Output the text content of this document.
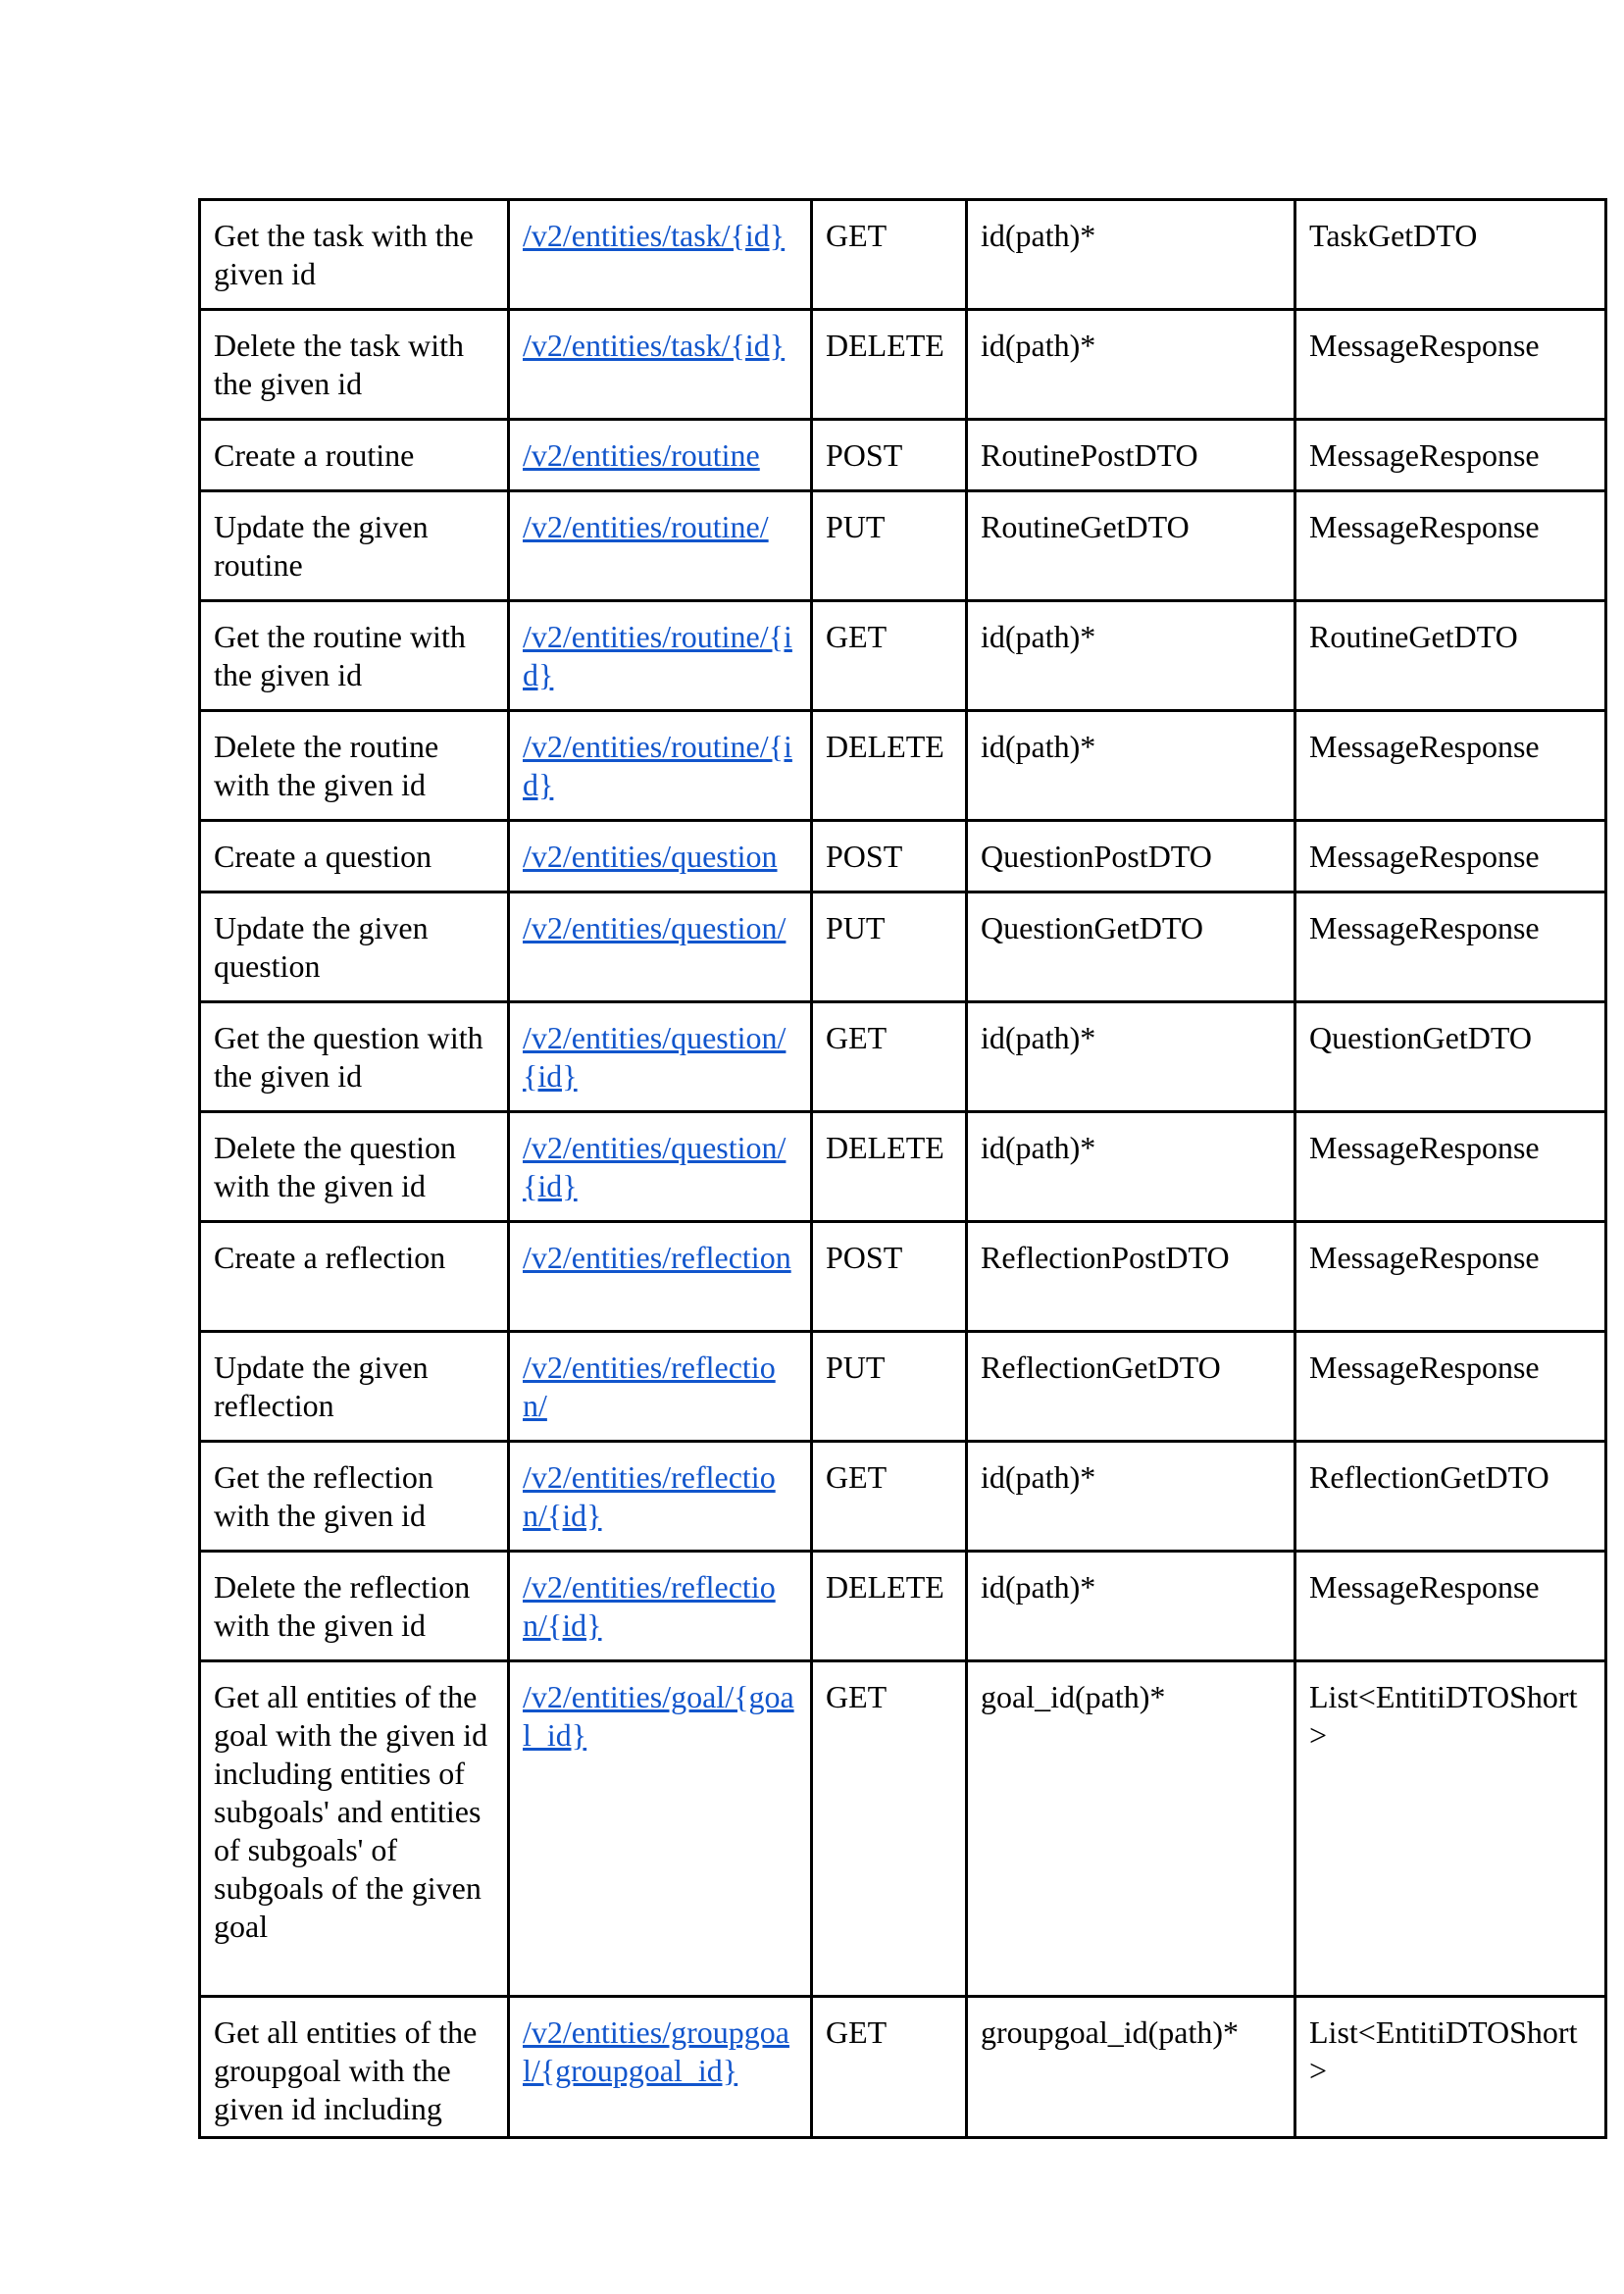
Get the task with the given id	/v2/entities/task/{id}	GET	id(path)*	TaskGetDTO
Delete the task with the given id	/v2/entities/task/{id}	DELETE	id(path)*	MessageResponse
Create a routine	/v2/entities/routine	POST	RoutinePostDTO	MessageResponse
Update the given routine	/v2/entities/routine/	PUT	RoutineGetDTO	MessageResponse
Get the routine with the given id	/v2/entities/routine/{id}	GET	id(path)*	RoutineGetDTO
Delete the routine with the given id	/v2/entities/routine/{id}	DELETE	id(path)*	MessageResponse
Create a question	/v2/entities/question	POST	QuestionPostDTO	MessageResponse
Update the given question	/v2/entities/question/	PUT	QuestionGetDTO	MessageResponse
Get the question with the given id	/v2/entities/question/{id}	GET	id(path)*	QuestionGetDTO
Delete the question with the given id	/v2/entities/question/{id}	DELETE	id(path)*	MessageResponse
Create a reflection	/v2/entities/reflection	POST	ReflectionPostDTO	MessageResponse
Update the given reflection	/v2/entities/reflection/	PUT	ReflectionGetDTO	MessageResponse
Get the reflection with the given id	/v2/entities/reflection/{id}	GET	id(path)*	ReflectionGetDTO
Delete the reflection with the given id	/v2/entities/reflection/{id}	DELETE	id(path)*	MessageResponse
Get all entities of the goal with the given id including entities of subgoals' and entities of subgoals' of subgoals of the given goal	/v2/entities/goal/{goal_id}	GET	goal_id(path)*	List<EntitiDTOShort>
Get all entities of the groupgoal with the given id including	/v2/entities/groupgoal/{groupgoal_id}	GET	groupgoal_id(path)*	List<EntitiDTOShort>
